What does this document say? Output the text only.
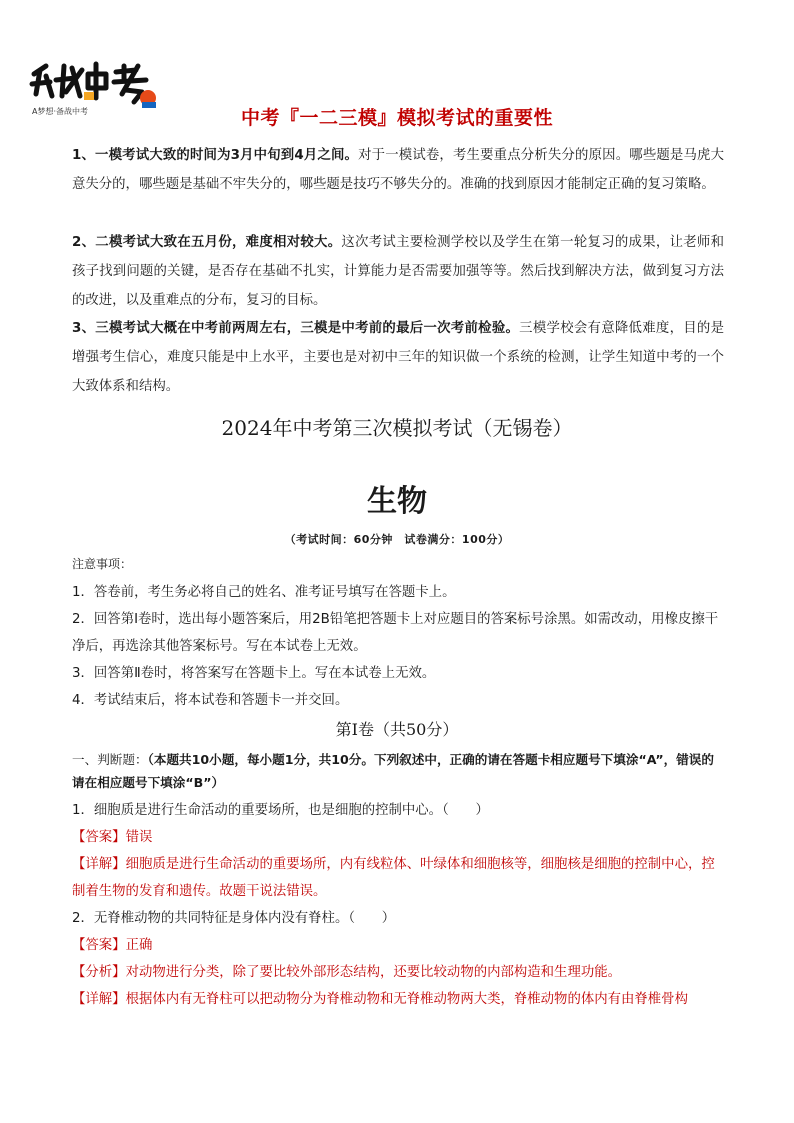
A梦想·备战中考	中考『一二三模』模拟考试的重要性
1、一模考试大致的时间为3月中旬到4月之间。对于一模试卷，考生要重点分析失分的原因。哪些题是马虎大意失分的，哪些题是基础不牢失分的，哪些题是技巧不够失分的。准确的找到原因才能制定正确的复习策略。
2、二模考试大致在五月份，难度相对较大。这次考试主要检测学校以及学生在第一轮复习的成果，让老师和孩子找到问题的关键，是否存在基础不扎实，计算能力是否需要加强等等。然后找到解决方法，做到复习方法的改进，以及重难点的分布，复习的目标。
3、三模考试大概在中考前两周左右，三模是中考前的最后一次考前检验。三模学校会有意降低难度，目的是增强考生信心，难度只能是中上水平，主要也是对初中三年的知识做一个系统的检测，让学生知道中考的一个大致体系和结构。
2024年中考第三次模拟考试（无锡卷）
生物
（考试时间：60分钟　试卷满分：100分）
注意事项：
1．答卷前，考生务必将自己的姓名、准考证号填写在答题卡上。
2．回答第Ⅰ卷时，选出每小题答案后，用2B铅笔把答题卡上对应题目的答案标号涂黑。如需改动，用橡皮擦干净后，再选涂其他答案标号。写在本试卷上无效。
3．回答第Ⅱ卷时，将答案写在答题卡上。写在本试卷上无效。
4．考试结束后，将本试卷和答题卡一并交回。
第Ⅰ卷（共50分）
一、判断题：（本题共10小题，每小题1分，共10分。下列叙述中，正确的请在答题卡相应题号下填涂“A”，错误的请在相应题号下填涂“B”）
1．细胞质是进行生命活动的重要场所，也是细胞的控制中心。（　　）
【答案】错误
【详解】细胞质是进行生命活动的重要场所，内有线粒体、叶绿体和细胞核等，细胞核是细胞的控制中心，控制着生物的发育和遗传。故题干说法错误。
2．无脊椎动物的共同特征是身体内没有脊柱。（　　）
【答案】正确
【分析】对动物进行分类，除了要比较外部形态结构，还要比较动物的内部构造和生理功能。
【详解】根据体内有无脊柱可以把动物分为脊椎动物和无脊椎动物两大类，脊椎动物的体内有由脊椎骨构
